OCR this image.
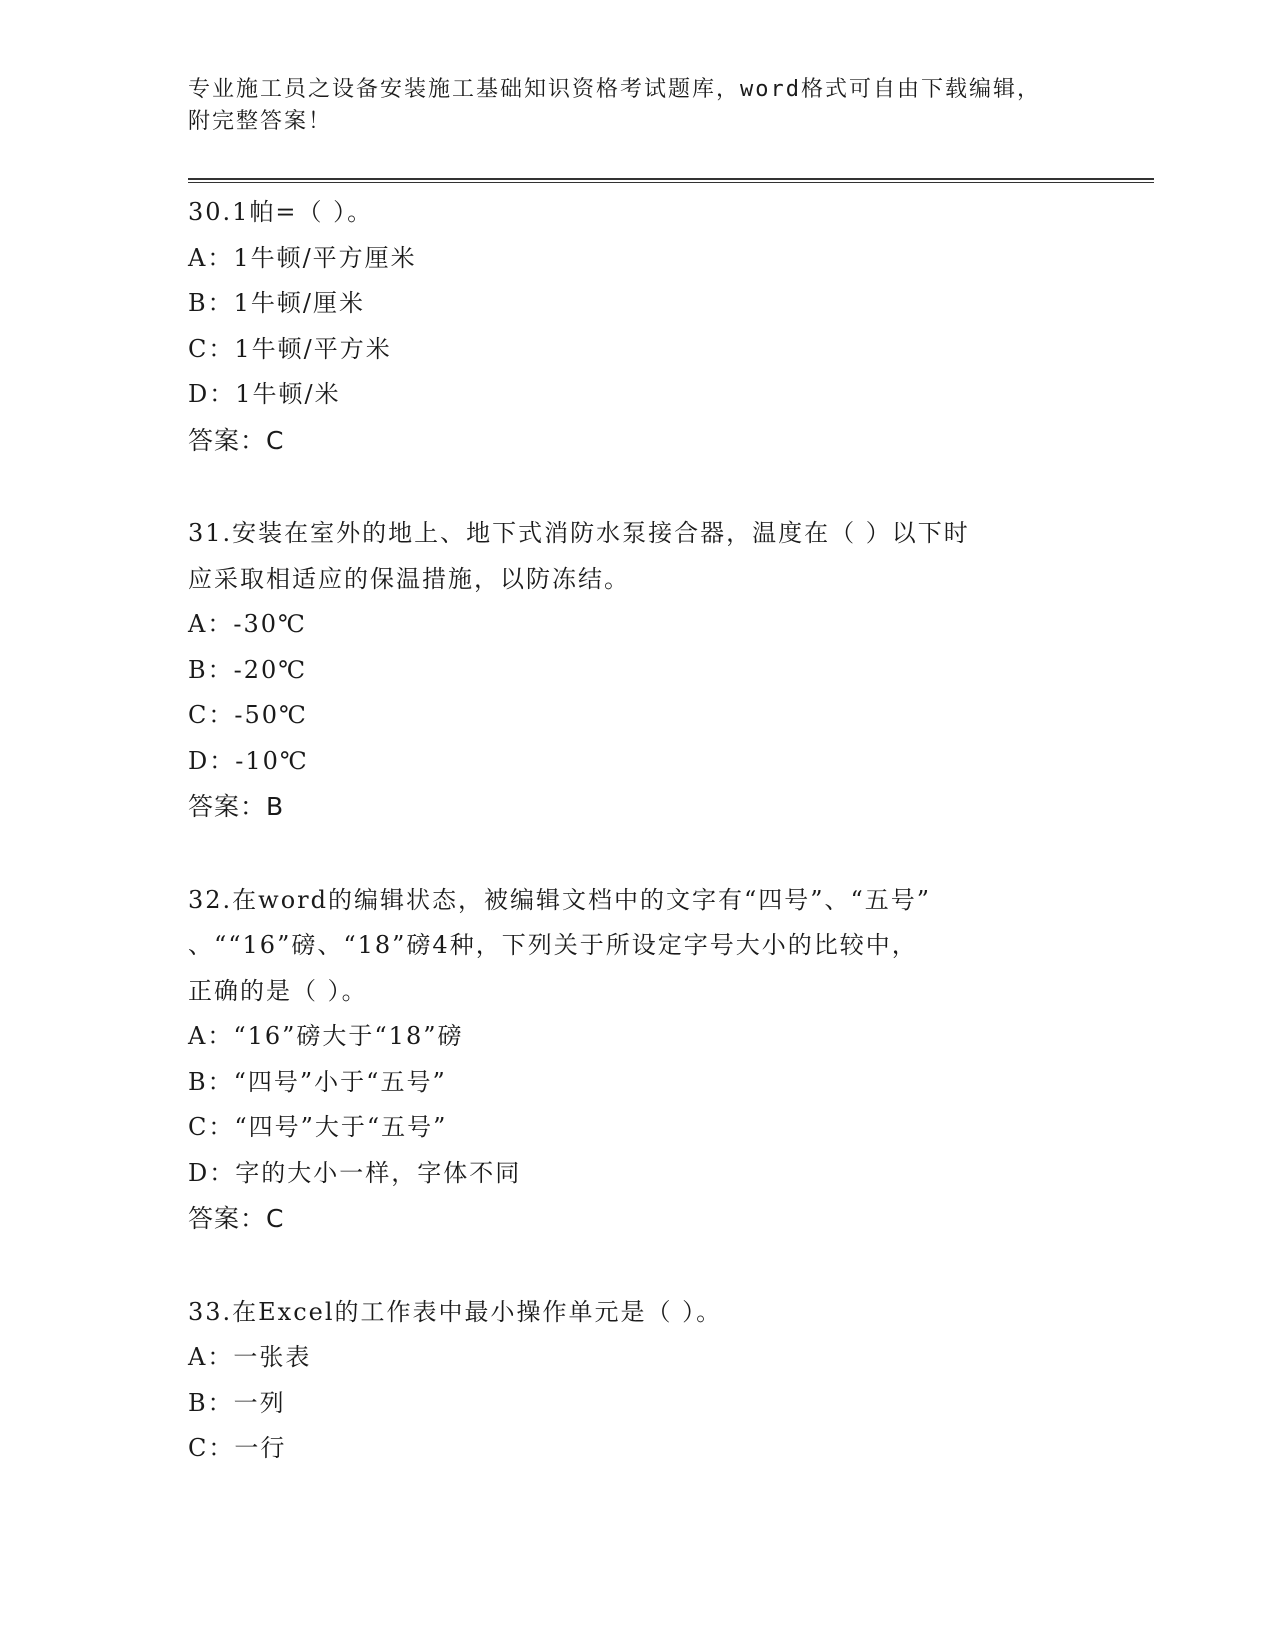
专业施工员之设备安装施工基础知识资格考试题库，word格式可自由下载编辑，
附完整答案！

30.1帕=（ ）。

A：1牛顿/平方厘米

B：1牛顿/厘米

C：1牛顿/平方米

D：1牛顿/米

答案：C

31.安装在室外的地上、地下式消防水泵接合器，温度在（ ）以下时

应采取相适应的保温措施，以防冻结。

A：-30℃

B：-20℃

C：-50℃

D：-10℃

答案：B

32.在word的编辑状态，被编辑文档中的文字有“四号”、“五号”

、““16”磅、“18”磅4种，下列关于所设定字号大小的比较中，

正确的是（ ）。

A：“16”磅大于“18”磅

B：“四号”小于“五号”

C：“四号”大于“五号”

D：字的大小一样，字体不同

答案：C

33.在Excel的工作表中最小操作单元是（ ）。

A：一张表

B：一列

C：一行
